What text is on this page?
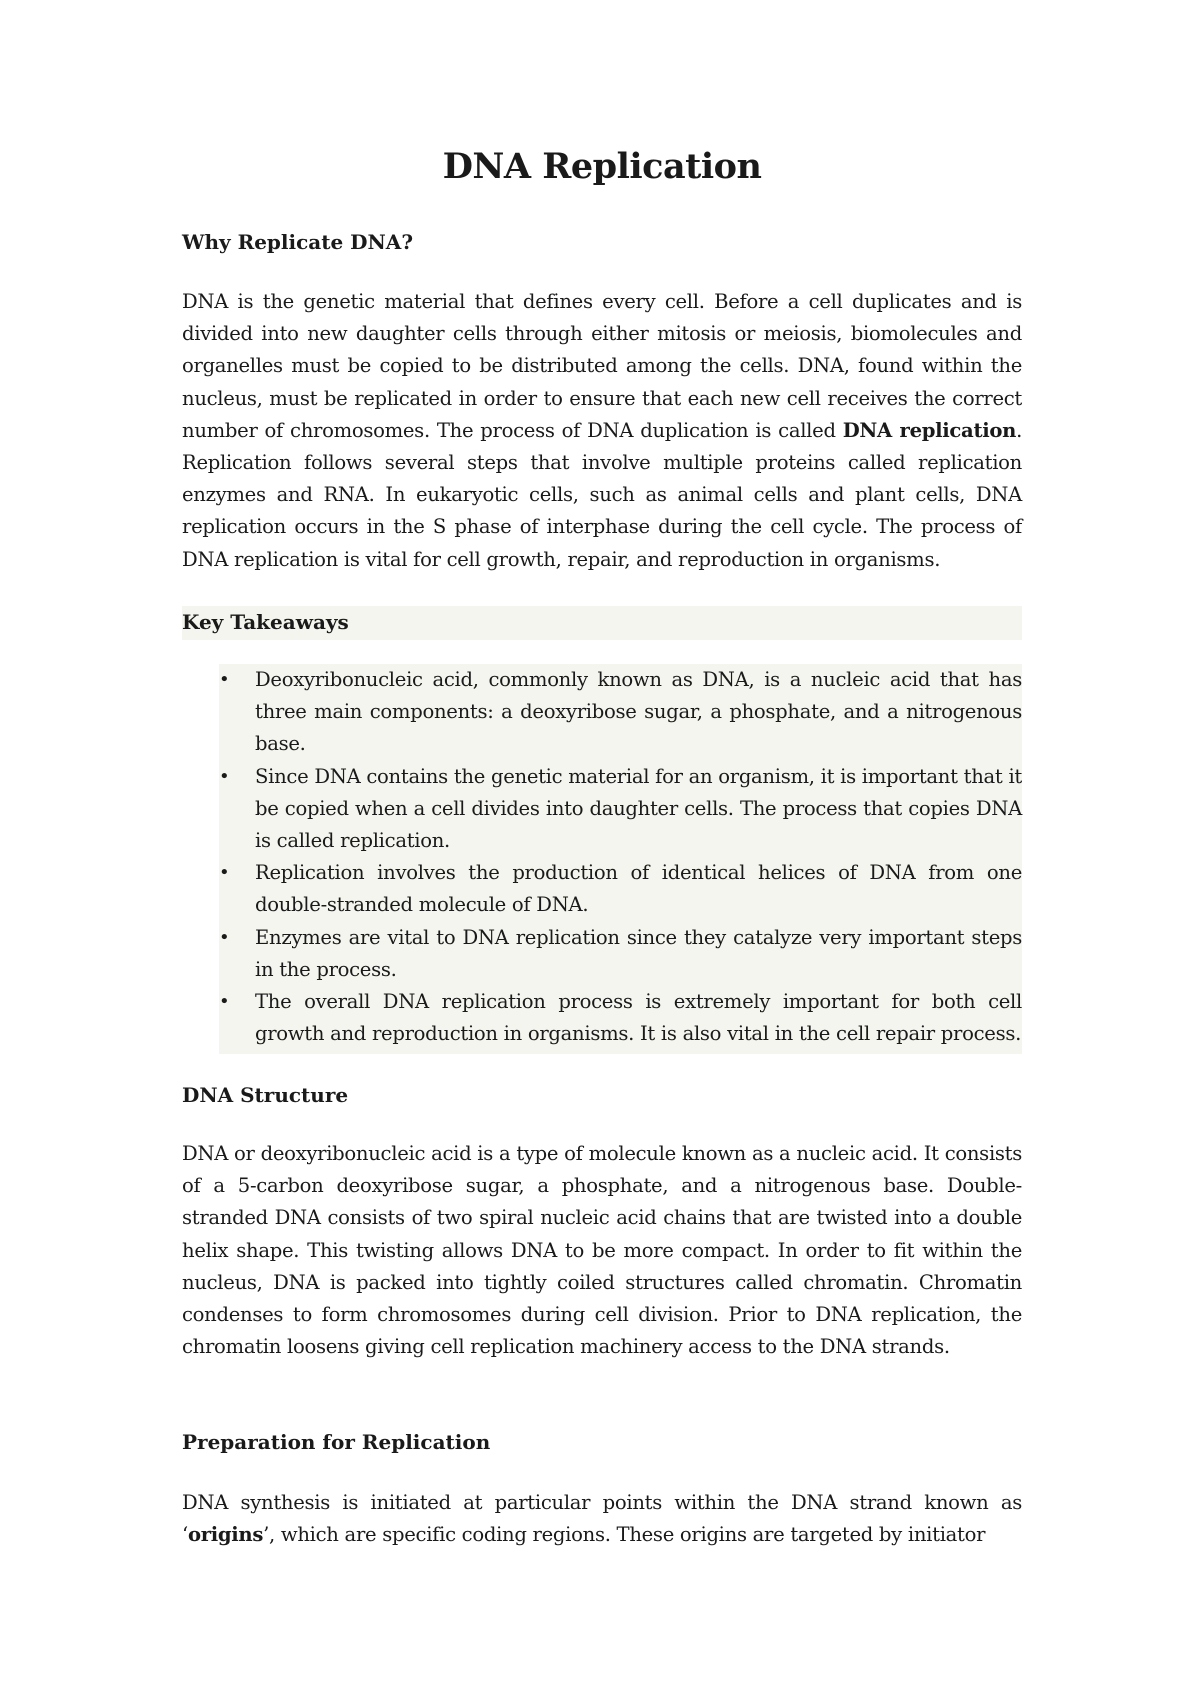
DNA Replication
Why Replicate DNA?

DNA is the genetic material that defines every cell. Before a cell duplicates and is divided into new daughter cells through either mitosis or meiosis, biomolecules and organelles must be copied to be distributed among the cells. DNA, found within the nucleus, must be replicated in order to ensure that each new cell receives the correct number of chromosomes. The process of DNA duplication is called DNA replication. Replication follows several steps that involve multiple proteins called replication enzymes and RNA. In eukaryotic cells, such as animal cells and plant cells, DNA replication occurs in the S phase of interphase during the cell cycle. The process of DNA replication is vital for cell growth, repair, and reproduction in organisms.

Key Takeaways
• Deoxyribonucleic acid, commonly known as DNA, is a nucleic acid that has three main components: a deoxyribose sugar, a phosphate, and a nitrogenous base.
• Since DNA contains the genetic material for an organism, it is important that it be copied when a cell divides into daughter cells. The process that copies DNA is called replication.
• Replication involves the production of identical helices of DNA from one double-stranded molecule of DNA.
• Enzymes are vital to DNA replication since they catalyze very important steps in the process.
• The overall DNA replication process is extremely important for both cell growth and reproduction in organisms. It is also vital in the cell repair process.
DNA Structure

DNA or deoxyribonucleic acid is a type of molecule known as a nucleic acid. It consists of a 5-carbon deoxyribose sugar, a phosphate, and a nitrogenous base. Double-stranded DNA consists of two spiral nucleic acid chains that are twisted into a double helix shape. This twisting allows DNA to be more compact. In order to fit within the nucleus, DNA is packed into tightly coiled structures called chromatin. Chromatin condenses to form chromosomes during cell division. Prior to DNA replication, the chromatin loosens giving cell replication machinery access to the DNA strands.

Preparation for Replication

DNA synthesis is initiated at particular points within the DNA strand known as ‘origins’, which are specific coding regions. These origins are targeted by initiator
